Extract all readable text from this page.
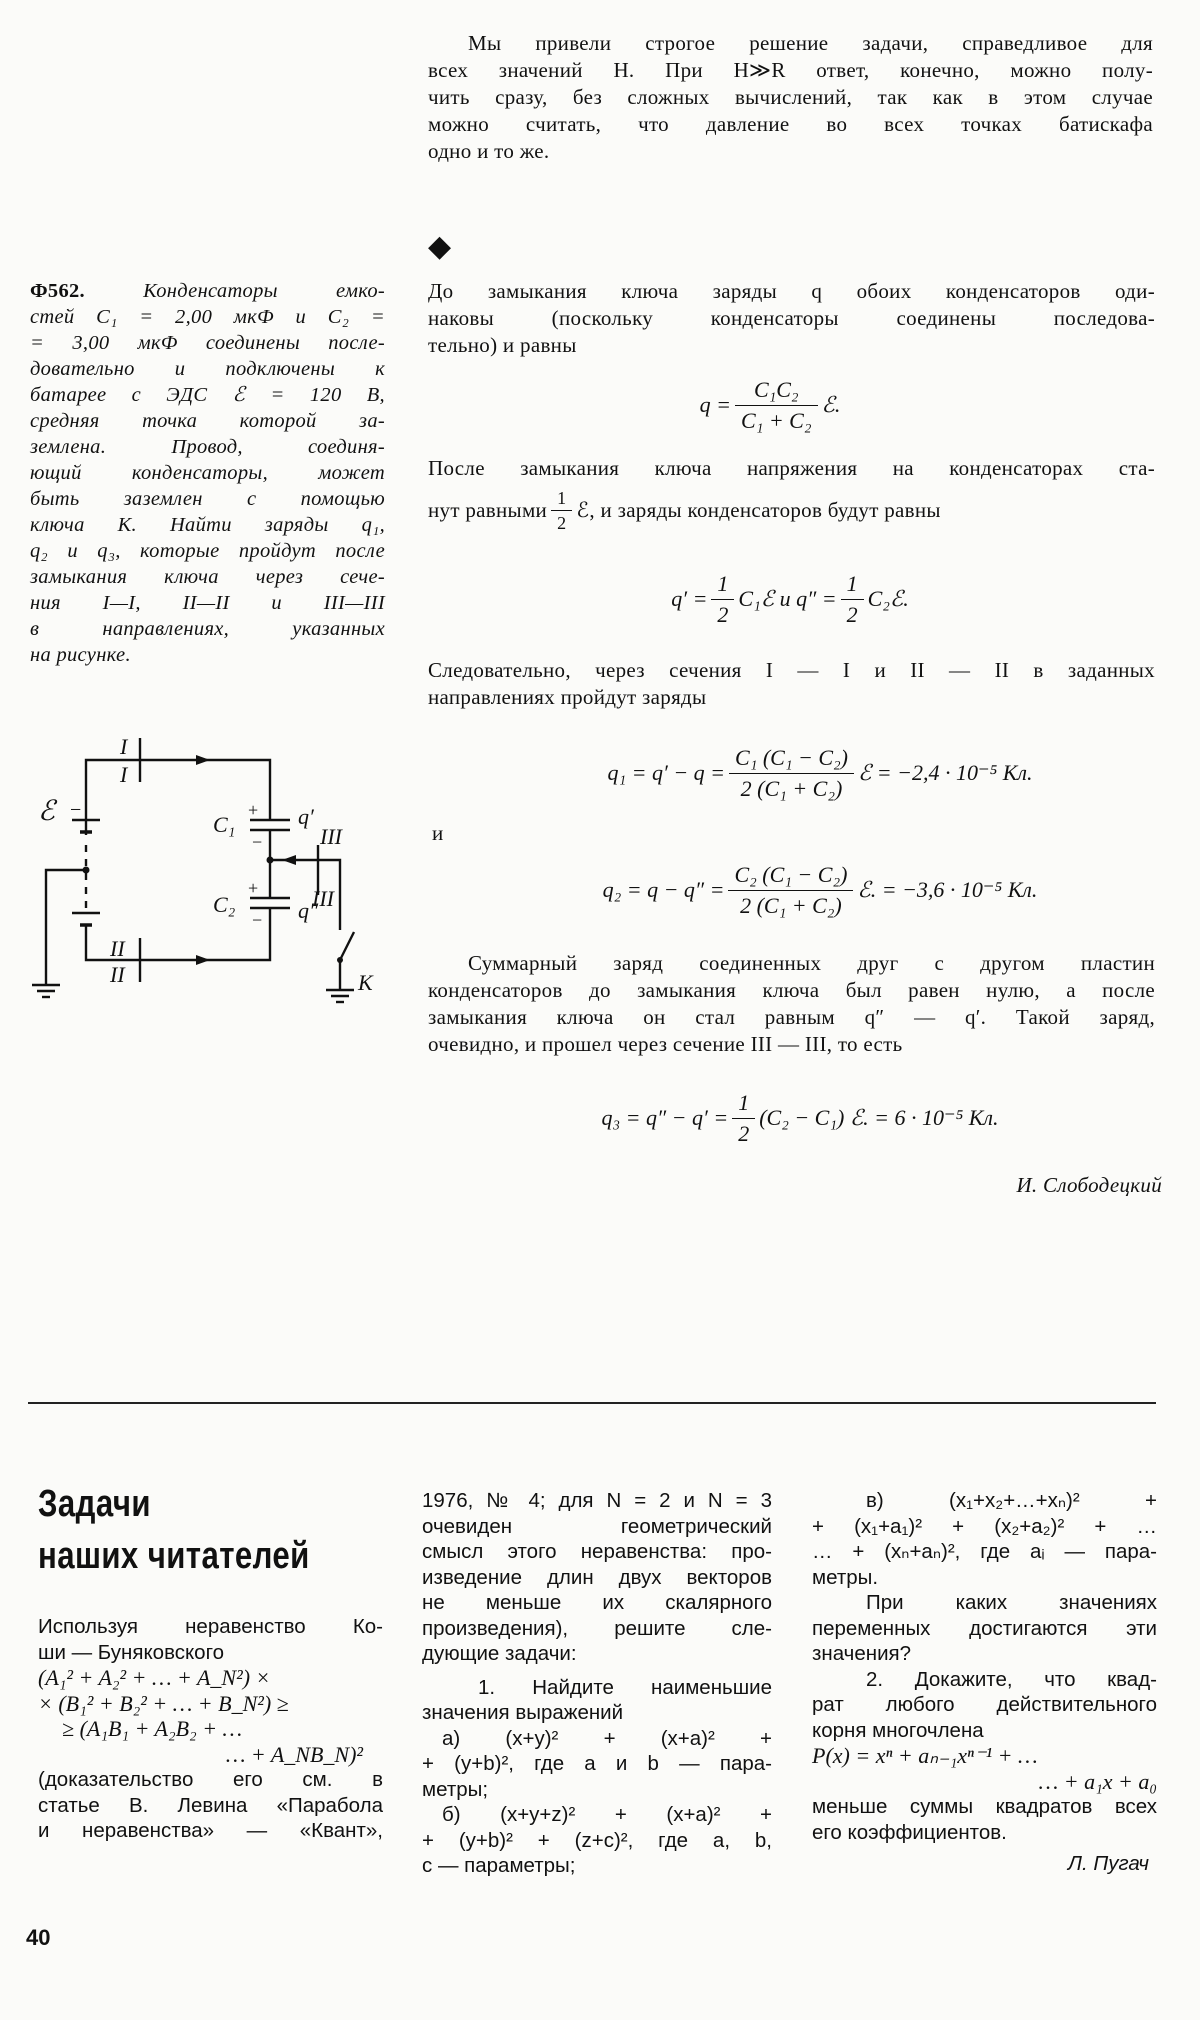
Мы привели строгое решение задачи, справедливое для

всех значений H. При H≫R ответ, конечно, можно полу-

чить сразу, без сложных вычислений, так как в этом случае

можно считать, что давление во всех точках батискафа

одно и то же.

Ф562.	Конденсаторы емко-

стей C₁ = 2,00 мкФ и C₂ =

= 3,00 мкФ соединены после-

довательно и подключены к

батарее с ЭДС ℰ = 120 В,

средняя точка которой за-

землена. Провод, соединя-

ющий конденсаторы, может

быть заземлен с помощью

ключа К. Найти заряды q₁,

q₂ и q₃, которые пройдут после

замыкания ключа через сече-

ния I—I, II—II и III—III

в направлениях, указанных

на рисунке.

ℰ −
C₁
C₂
+
−
+
−
q′
q″
I
I
II
II
III
III
K
◆

До замыкания ключа заряды q обоих конденсаторов оди-

наковы (поскольку конденсаторы соединены последова-

тельно) и равны

$q = \frac{\text{C₁C₂}}{\text{C₁ + C₂}}$ ℰ.
После замыкания ключа напряжения на конденсаторах ста-
нут равными $\frac{1}{2}$ ℰ, и заряды конденсаторов будут равны
$q' = \frac{1}{2}$ C₁ℰ и $q'' = \frac{1}{2}$ C₂ℰ.

Следовательно, через сечения I — I и II — II в заданных

направлениях пройдут заряды

$q_1 = q' - q = \frac{\text{C₁ (C₁ − C₂)}}{\text{2 (C₁ + C₂)}}$ ℰ = −2,4 · 10⁻⁵ Кл.
и
$q_2 = q - q'' = \frac{\text{C₂ (C₁ − C₂)}}{\text{2 (C₁ + C₂)}}$ ℰ. = −3,6 · 10⁻⁵ Кл.

Суммарный заряд соединенных друг с другом пластин

конденсаторов до замыкания ключа был равен нулю, а после

замыкания ключа он стал равным q″ — q′. Такой заряд,

очевидно, и прошел через сечение III — III, то есть

$q_3 = q'' - q' = \frac{1}{2} (C_2 - C_1)$ ℰ. = 6 · 10⁻⁵ Кл.
И. Слободецкий
Задачи
наших читателей

Используя неравенство Ко-

ши — Буняковского

(A₁² + A₂² + … + A_N²) ×

× (B₁² + B₂² + … + B_N²) ≥

≥ (A₁B₁ + A₂B₂ + …

… + A_NB_N)²

(доказательство его см. в

статье В. Левина «Парабола

и неравенства» — «Квант»,

1976, № 4; для N = 2 и N = 3

очевиден геометрический

смысл этого неравенства: про-

изведение длин двух векторов

не меньше их скалярного

произведения), решите сле-

дующие задачи:

1. Найдите наименьшие

значения выражений

а) (x+y)² + (x+a)² +

+ (y+b)², где a и b — пара-

метры;

б) (x+y+z)² + (x+a)² +

+ (y+b)² + (z+c)², где a, b,

c — параметры;

в) (x₁+x₂+…+xₙ)² +

+ (x₁+a₁)² + (x₂+a₂)² + …

… + (xₙ+aₙ)², где aᵢ — пара-

метры.

При каких значениях

переменных достигаются эти

значения?

2. Докажите, что квад-

рат любого действительного

корня многочлена

P(x) = xⁿ + aₙ₋₁xⁿ⁻¹ + …

… + a₁x + a₀

меньше суммы квадратов всех

его коэффициентов.

Л. Пугач

40
